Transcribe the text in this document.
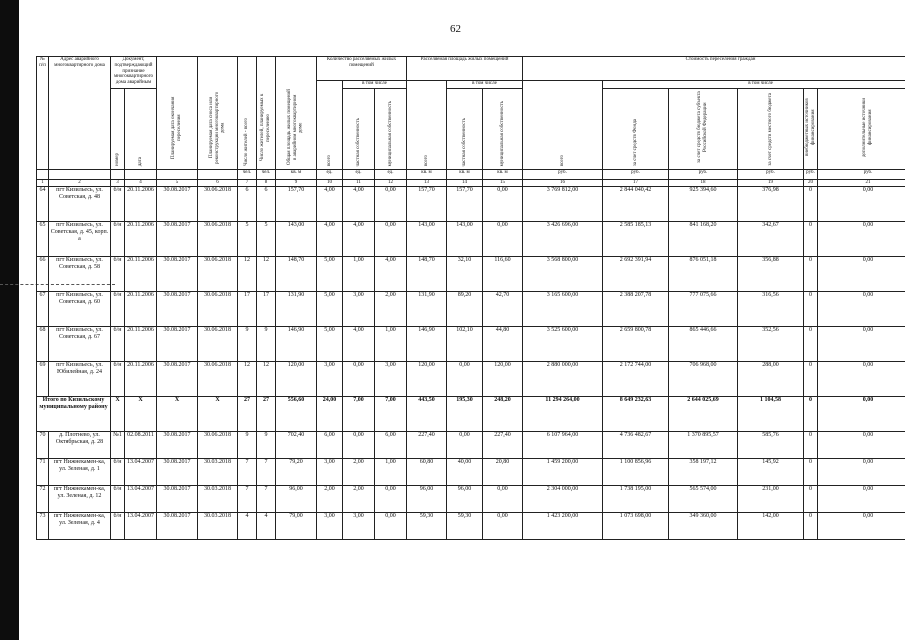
62
№ п/п	Адрес аварийного многоквартирного дома	Документ, подтверждающий признание многоквартирного дома аварийным		Планируемая дата окончания переселения	Планируемая дата сноса или реконструкции многоквартирного дома	Число жителей - всего	Число жителей, планируемых к переселению	Общая площадь жилых помещений в аварийном многоквартирном доме	Количество расселяемых жилых помещений			Расселяемая площадь жилых помещений			Стоимость переселения граждан					
									всего	в том числе		всего	в том числе		всего	в том числе				
		номер	дата							частная собственность	муниципальная собственность		частная собственность	муниципальная собственность		за счет средств Фонда	за счет средств бюджета субъекта Российской Федерации	за счет средств местного бюджета	внебюджетных источников финансирования	дополнительные источники финансирования
						чел.	чел.	кв. м	ед.	ед.	ед.	кв. м	кв. м	кв. м	руб.	руб.	руб.	руб.	руб.	руб.
1	2	3	4	5	6	7	8	9	10	11	12	13	14	15	16	17	18	19	20	21
64	пгт Кизильесь, ул. Советская, д. 48	б/н	20.11.2006	30.08.2017	30.06.2018	6	6	157,70	4,00	4,00	0,00	157,70	157,70	0,00	3 769 812,00	2 844 040,42	925 394,60	376,98	0	0,00
65	пгт Кизильесь, ул. Советская, д. 45, корп. а	б/н	20.11.2006	30.08.2017	30.06.2018	5	5	143,00	4,00	4,00	0,00	143,00	143,00	0,00	3 426 696,00	2 585 185,13	841 168,20	342,67	0	0,00
66	пгт Кизильесь, ул. Советская, д. 58	б/н	20.11.2006	30.08.2017	30.06.2018	12	12	148,70	5,00	1,00	4,00	148,70	32,10	116,60	3 568 800,00	2 692 391,94	876 051,18	356,88	0	0,00
67	пгт Кизильесь, ул. Советская, д. 60	б/н	20.11.2006	30.08.2017	30.06.2018	17	17	131,90	5,00	3,00	2,00	131,90	89,20	42,70	3 165 600,00	2 388 207,78	777 075,66	316,56	0	0,00
68	пгт Кизильесь, ул. Советская, д. 67	б/н	20.11.2006	30.08.2017	30.06.2018	9	9	146,90	5,00	4,00	1,00	146,90	102,10	44,80	3 525 600,00	2 659 800,78	865 446,66	352,56	0	0,00
69	пгт Кизильесь, ул. Юбилейная, д. 24	б/н	20.11.2006	30.08.2017	30.06.2018	12	12	120,00	3,00	0,00	3,00	120,00	0,00	120,00	2 880 000,00	2 172 744,00	706 968,00	288,00	0	0,00
Итого по Кизильскому муниципальному району		X	X	X	X	27	27	556,60	24,00	7,00	7,00	443,50	195,30	248,20	11 294 264,00	8 649 232,63	2 644 025,69	1 104,58	0	0,00
70	д. Плотнево, ул. Октябрьская, д. 28	№1	02.08.2011	30.08.2017	30.06.2018	9	9	702,40	6,00	0,00	6,00	227,40	0,00	227,40	6 107 964,00	4 736 482,67	1 370 895,57	585,76	0	0,00
71	пгт Нижнекамен-ка, ул. Зеленая, д. 1	б/н	13.04.2007	30.08.2017	30.03.2018	7	7	79,20	3,00	2,00	1,00	60,80	40,00	20,80	1 459 200,00	1 100 856,96	358 197,12	145,92	0	0,00
72	пгт Нижнекамен-ка, ул. Зеленая, д. 12	б/н	13.04.2007	30.08.2017	30.03.2018	7	7	96,00	2,00	2,00	0,00	96,00	96,00	0,00	2 304 000,00	1 738 195,00	565 574,00	231,00	0	0,00
73	пгт Нижнекамен-ка, ул. Зеленая, д. 4	б/н	13.04.2007	30.08.2017	30.03.2018	4	4	79,00	3,00	3,00	0,00	59,30	59,30	0,00	1 423 200,00	1 073 698,00	349 360,00	142,00	0	0,00
